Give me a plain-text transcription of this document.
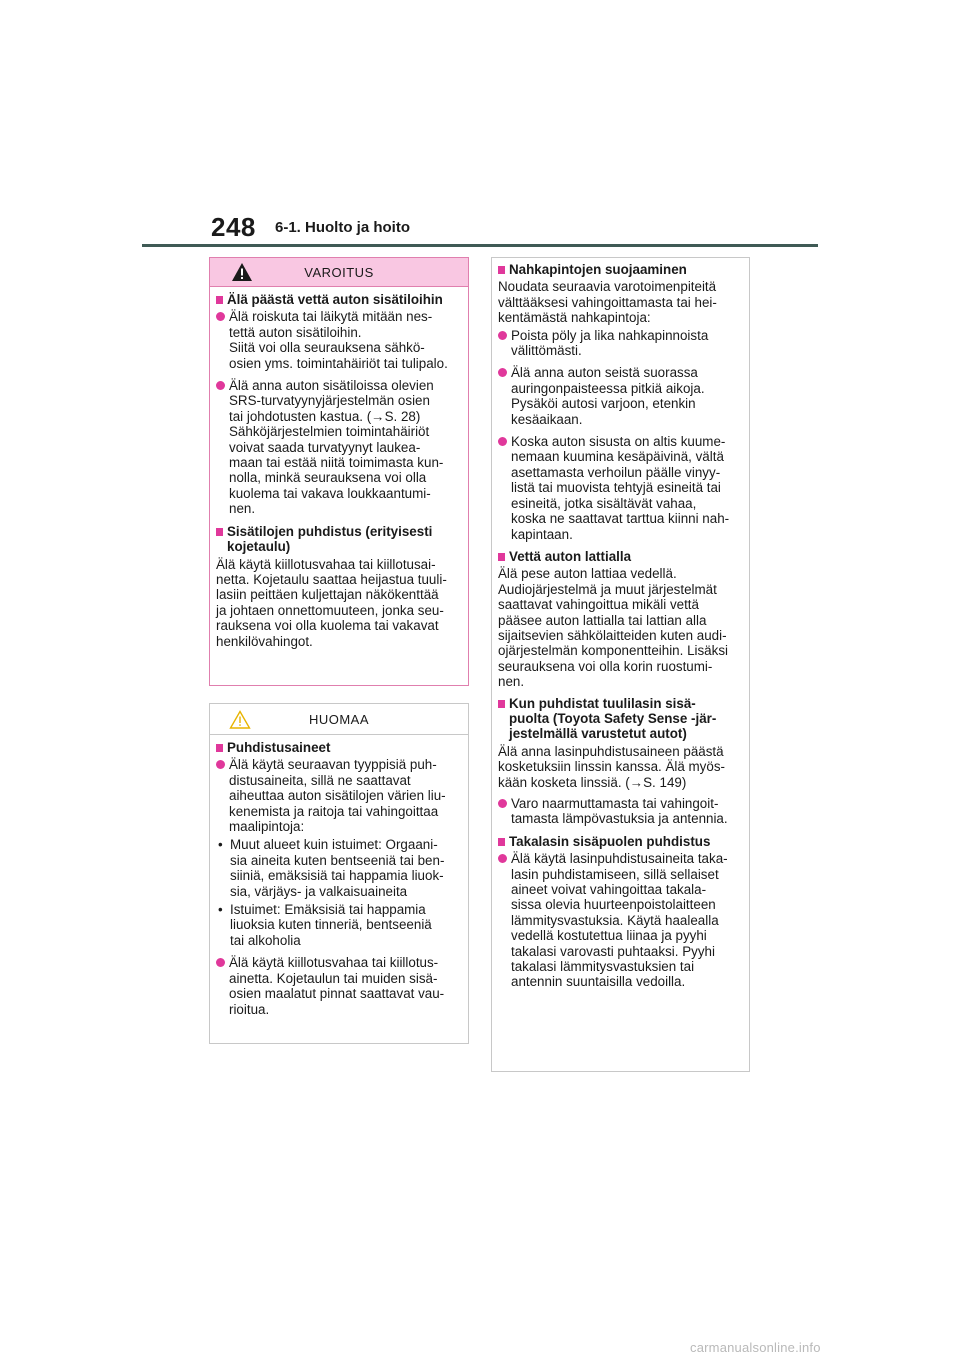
248 6-1. Huolto ja hoito
VAROITUS
Älä päästä vettä auton sisätiloihin
Älä roiskuta tai läikytä mitään nes-
tettä auton sisätiloihin.
Siitä voi olla seurauksena sähkö-
osien yms. toimintahäiriöt tai tulipalo.
Älä anna auton sisätiloissa olevien
SRS-turvatyynyjärjestelmän osien
tai johdotusten kastua. (→S. 28)
Sähköjärjestelmien toimintahäiriöt
voivat saada turvatyynyt laukea-
maan tai estää niitä toimimasta kun-
nolla, minkä seurauksena voi olla
kuolema tai vakava loukkaantumi-
nen.
Sisätilojen puhdistus (erityisesti
kojetaulu)
Älä käytä kiillotusvahaa tai kiillotusai-
netta. Kojetaulu saattaa heijastua tuuli-
lasiin peittäen kuljettajan näkökenttää
ja johtaen onnettomuuteen, jonka seu-
rauksena voi olla kuolema tai vakavat
henkilövahingot.
HUOMAA
Puhdistusaineet
Älä käytä seuraavan tyyppisiä puh-
distusaineita, sillä ne saattavat
aiheuttaa auton sisätilojen värien liu-
kenemista ja raitoja tai vahingoittaa
maalipintoja:
• Muut alueet kuin istuimet: Orgaani-
sia aineita kuten bentseeniä tai ben-
siiniä, emäksisiä tai happamia liuok-
sia, värjäys- ja valkaisuaineita
• Istuimet: Emäksisiä tai happamia
liuoksia kuten tinneriä, bentseeniä
tai alkoholia
Älä käytä kiillotusvahaa tai kiillotus-
ainetta. Kojetaulun tai muiden sisä-
osien maalatut pinnat saattavat vau-
rioitua.
Nahkapintojen suojaaminen
Noudata seuraavia varotoimenpiteitä
välttääksesi vahingoittamasta tai hei-
kentämästä nahkapintoja:
Poista pöly ja lika nahkapinnoista
välittömästi.
Älä anna auton seistä suorassa
auringonpaisteessa pitkiä aikoja.
Pysäköi autosi varjoon, etenkin
kesäaikaan.
Koska auton sisusta on altis kuume-
nemaan kuumina kesäpäivinä, vältä
asettamasta verhoilun päälle vinyy-
listä tai muovista tehtyjä esineitä tai
esineitä, jotka sisältävät vahaa,
koska ne saattavat tarttua kiinni nah-
kapintaan.
Vettä auton lattialla
Älä pese auton lattiaa vedellä.
Audiojärjestelmä ja muut järjestelmät
saattavat vahingoittua mikäli vettä
pääsee auton lattialla tai lattian alla
sijaitsevien sähkölaitteiden kuten audi-
ojärjestelmän komponentteihin. Lisäksi
seurauksena voi olla korin ruostumi-
nen.
Kun puhdistat tuulilasin sisä-
puolta (Toyota Safety Sense -jär-
jestelmällä varustetut autot)
Älä anna lasinpuhdistusaineen päästä
kosketuksiin linssin kanssa. Älä myös-
kään kosketa linssiä. (→S. 149)
Varo naarmuttamasta tai vahingoit-
tamasta lämpövastuksia ja antennia.
Takalasin sisäpuolen puhdistus
Älä käytä lasinpuhdistusaineita taka-
lasin puhdistamiseen, sillä sellaiset
aineet voivat vahingoittaa takala-
sissa olevia huurteenpoistolaitteen
lämmitysvastuksia. Käytä haalealla
vedellä kostutettua liinaa ja pyyhi
takalasi varovasti puhtaaksi. Pyyhi
takalasi lämmitysvastuksien tai
antennin suuntaisilla vedoilla.
carmanualsonline.info
